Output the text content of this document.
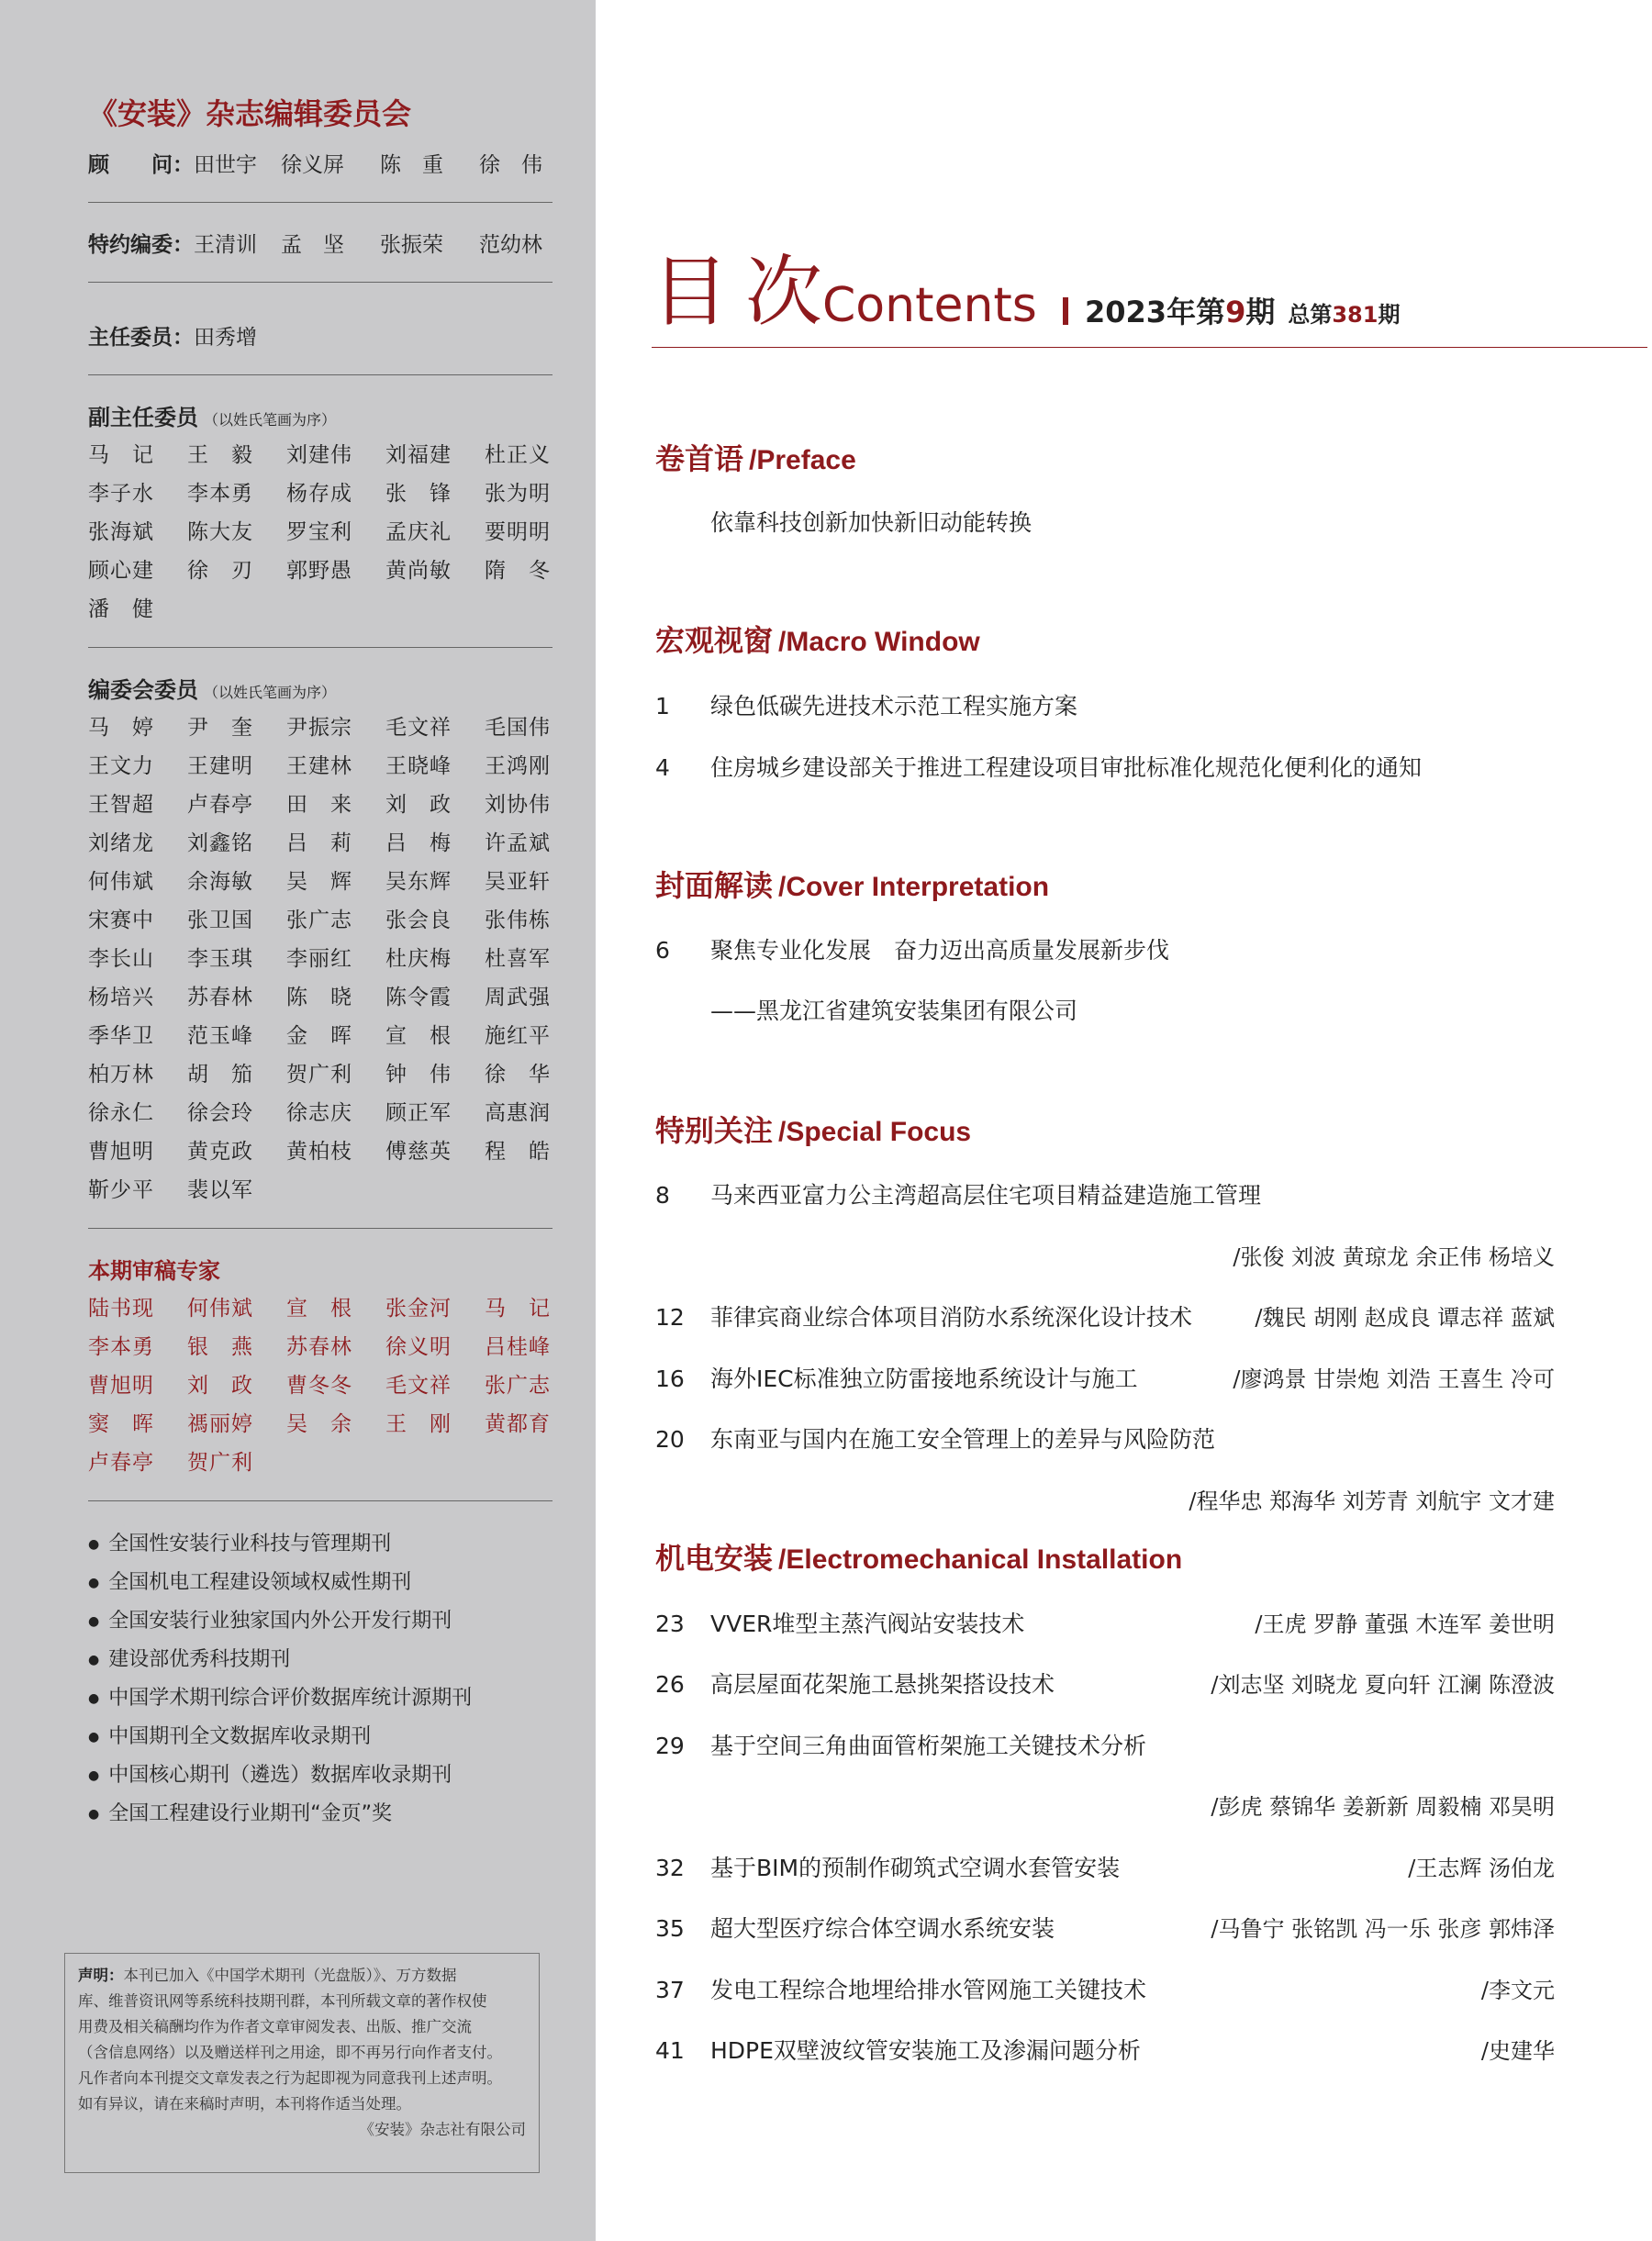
《安装》杂志编辑委员会
顾　　问：田世宇 徐义屏 陈　重 徐　伟
特约编委：王清训 孟　坚 张振荣 范幼林
主任委员：田秀增
副主任委员 （以姓氏笔画为序）
马　记	王　毅	刘建伟	刘福建	杜正义
李子水	李本勇	杨存成	张　锋	张为明
张海斌	陈大友	罗宝利	孟庆礼	要明明
顾心建	徐　刃	郭野愚	黄尚敏	隋　冬
潘　健
编委会委员 （以姓氏笔画为序）
马　婷	尹　奎	尹振宗	毛文祥	毛国伟
王文力	王建明	王建林	王晓峰	王鸿刚
王智超	卢春亭	田　来	刘　政	刘协伟
刘绪龙	刘鑫铭	吕　莉	吕　梅	许孟斌
何伟斌	余海敏	吴　辉	吴东辉	吴亚轩
宋赛中	张卫国	张广志	张会良	张伟栋
李长山	李玉琪	李丽红	杜庆梅	杜喜军
杨培兴	苏春林	陈　晓	陈令霞	周武强
季华卫	范玉峰	金　晖	宣　根	施红平
柏万林	胡　笳	贺广利	钟　伟	徐　华
徐永仁	徐会玲	徐志庆	顾正军	高惠润
曹旭明	黄克政	黄柏枝	傅慈英	程　皓
靳少平	裴以军
本期审稿专家
陆书现	何伟斌	宣　根	张金河	马　记
李本勇	银　燕	苏春林	徐义明	吕桂峰
曹旭明	刘　政	曹冬冬	毛文祥	张广志
窦　晖	禡丽婷	吴　余	王　刚	黄都育
卢春亭	贺广利
● 全国性安装行业科技与管理期刊
● 全国机电工程建设领域权威性期刊
● 全国安装行业独家国内外公开发行期刊
● 建设部优秀科技期刊
● 中国学术期刊综合评价数据库统计源期刊
● 中国期刊全文数据库收录期刊
● 中国核心期刊（遴选）数据库收录期刊
● 全国工程建设行业期刊“金页”奖
声明：本刊已加入《中国学术期刊（光盘版）》、万方数据
库、维普资讯网等系统科技期刊群，本刊所载文章的著作权使
用费及相关稿酬均作为作者文章审阅发表、出版、推广交流
（含信息网络）以及赠送样刊之用途，即不再另行向作者支付。
凡作者向本刊提交文章发表之行为起即视为同意我刊上述声明。
如有异议，请在来稿时声明，本刊将作适当处理。
《安装》杂志社有限公司
目次
Contents	2023年第9期 总第381期
卷首语 /Preface
宏观视窗 /Macro Window
封面解读 /Cover Interpretation
特别关注 /Special Focus
机电安装 /Electromechanical Installation
依靠科技创新加快新旧动能转换
1 绿色低碳先进技术示范工程实施方案
4 住房城乡建设部关于推进工程建设项目审批标准化规范化便利化的通知
6 聚焦专业化发展　奋力迈出高质量发展新步伐
——黑龙江省建筑安装集团有限公司
8 马来西亚富力公主湾超高层住宅项目精益建造施工管理
/张俊 刘波 黄琼龙 余正伟 杨培义
12 菲律宾商业综合体项目消防水系统深化设计技术	/魏民 胡刚 赵成良 谭志祥 蓝斌
16 海外IEC标准独立防雷接地系统设计与施工	/廖鸿景 甘崇炮 刘浩 王喜生 冷可
20 东南亚与国内在施工安全管理上的差异与风险防范
/程华忠 郑海华 刘芳青 刘航宇 文才建
23 VVER堆型主蒸汽阀站安装技术	/王虎 罗静 董强 木连军 姜世明
26 高层屋面花架施工悬挑架搭设技术	/刘志坚 刘晓龙 夏向轩 江澜 陈澄波
29 基于空间三角曲面管桁架施工关键技术分析
/彭虎 蔡锦华 姜新新 周毅楠 邓昊明
32 基于BIM的预制作砌筑式空调水套管安装	/王志辉 汤伯龙
35 超大型医疗综合体空调水系统安装	/马鲁宁 张铭凯 冯一乐 张彦 郭炜泽
37 发电工程综合地埋给排水管网施工关键技术	/李文元
41 HDPE双壁波纹管安装施工及渗漏问题分析	/史建华
